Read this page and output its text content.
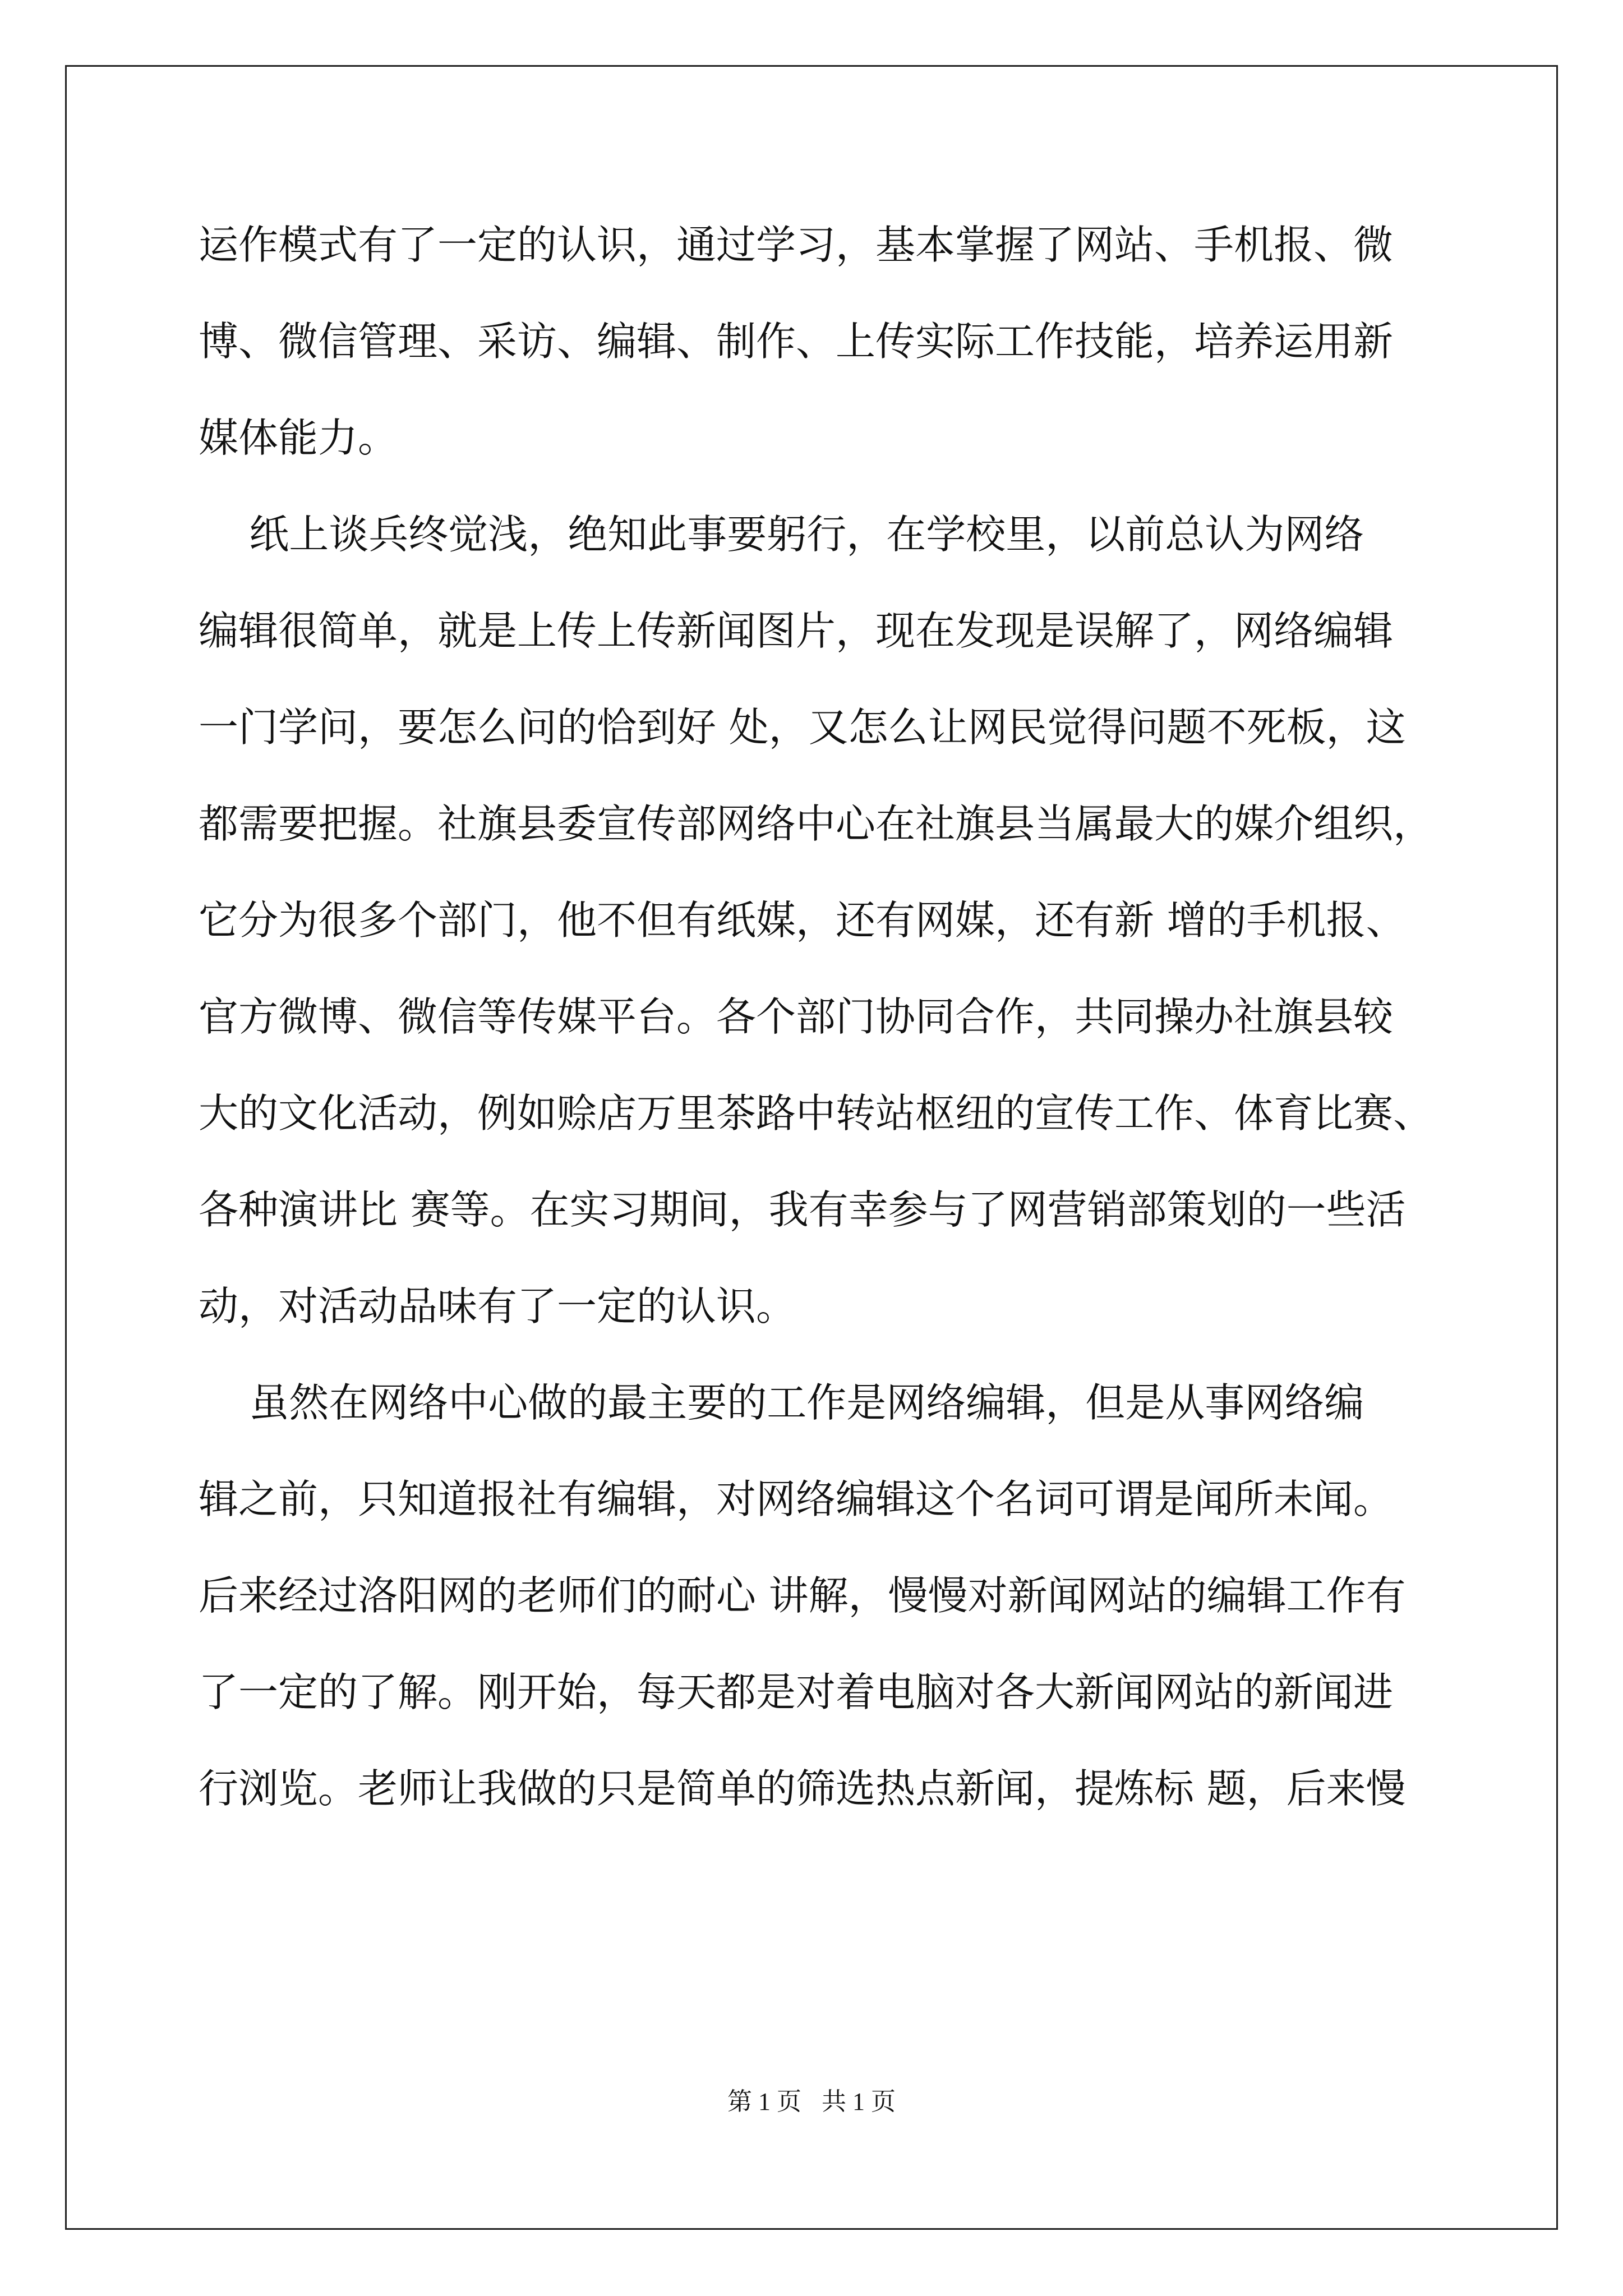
运作模式有了一定的认识，通过学习，基本掌握了网站、手机报、微
博、微信管理、采访、编辑、制作、上传实际工作技能，培养运用新
媒体能力。
纸上谈兵终觉浅，绝知此事要躬行，在学校里，以前总认为网络
编辑很简单，就是上传上传新闻图片，现在发现是误解了，网络编辑
一门学问，要怎么问的恰到好 处，又怎么让网民觉得问题不死板，这
都需要把握。社旗县委宣传部网络中心在社旗县当属最大的媒介组织，
它分为很多个部门，他不但有纸媒，还有网媒，还有新 增的手机报、
官方微博、微信等传媒平台。各个部门协同合作，共同操办社旗县较
大的文化活动，例如赊店万里茶路中转站枢纽的宣传工作、体育比赛、
各种演讲比 赛等。在实习期间，我有幸参与了网营销部策划的一些活
动，对活动品味有了一定的认识。
虽然在网络中心做的最主要的工作是网络编辑，但是从事网络编
辑之前，只知道报社有编辑，对网络编辑这个名词可谓是闻所未闻。
后来经过洛阳网的老师们的耐心 讲解，慢慢对新闻网站的编辑工作有
了一定的了解。刚开始，每天都是对着电脑对各大新闻网站的新闻进
行浏览。老师让我做的只是简单的筛选热点新闻，提炼标 题，后来慢
第 1 页 共 1 页
